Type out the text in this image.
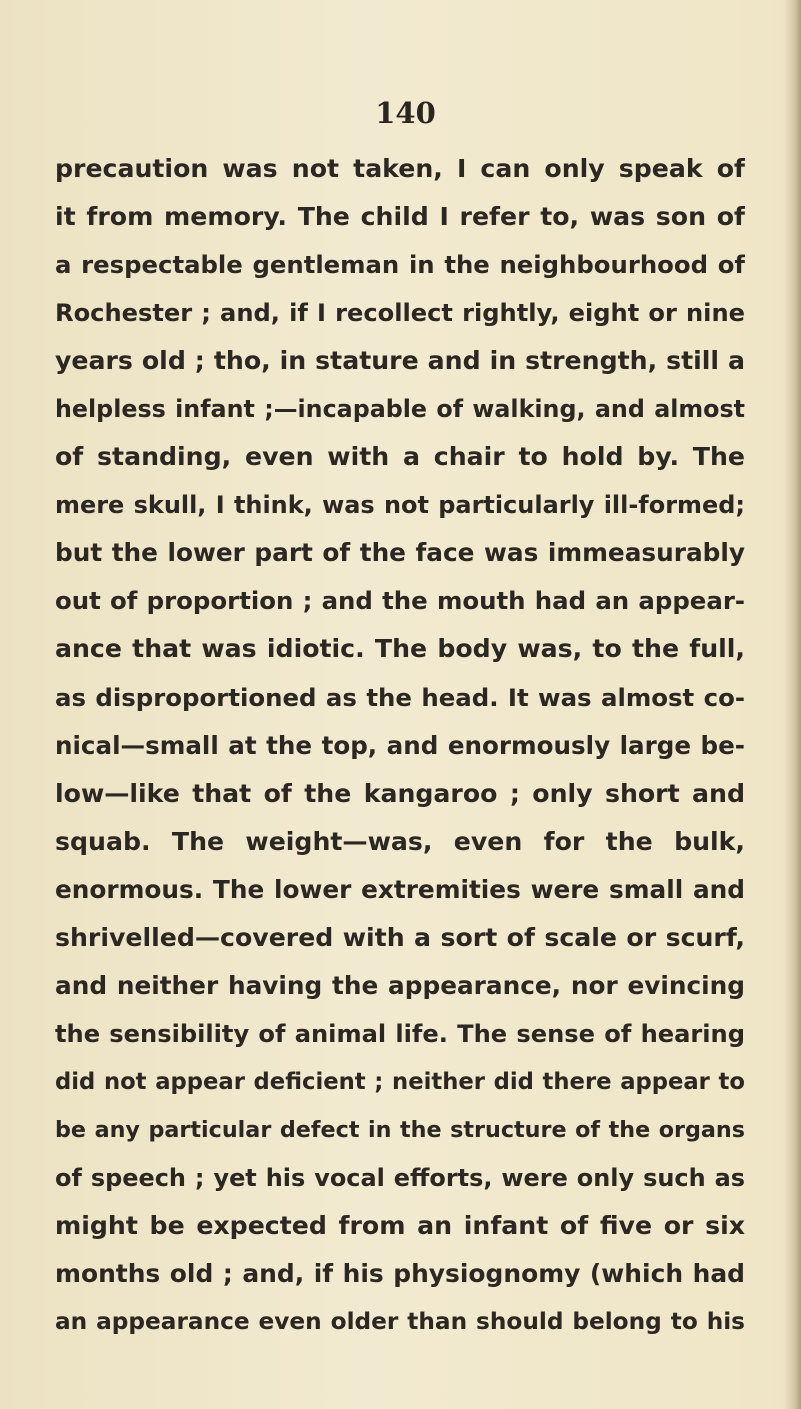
140
precaution was not taken, I can only speak of
it from memory. The child I refer to, was son of
a respectable gentleman in the neighbourhood of
Rochester ; and, if I recollect rightly, eight or nine
years old ; tho, in stature and in strength, still a
helpless infant ;—incapable of walking, and almost
of standing, even with a chair to hold by. The
mere skull, I think, was not particularly ill-formed;
but the lower part of the face was immeasurably
out of proportion ; and the mouth had an appear-
ance that was idiotic. The body was, to the full,
as disproportioned as the head. It was almost co-
nical—small at the top, and enormously large be-
low—like that of the kangaroo ; only short and
squab. The weight—was, even for the bulk,
enormous. The lower extremities were small and
shrivelled—covered with a sort of scale or scurf,
and neither having the appearance, nor evincing
the sensibility of animal life. The sense of hearing
did not appear deficient ; neither did there appear to
be any particular defect in the structure of the organs
of speech ; yet his vocal efforts, were only such as
might be expected from an infant of five or six
months old ; and, if his physiognomy (which had
an appearance even older than should belong to his
